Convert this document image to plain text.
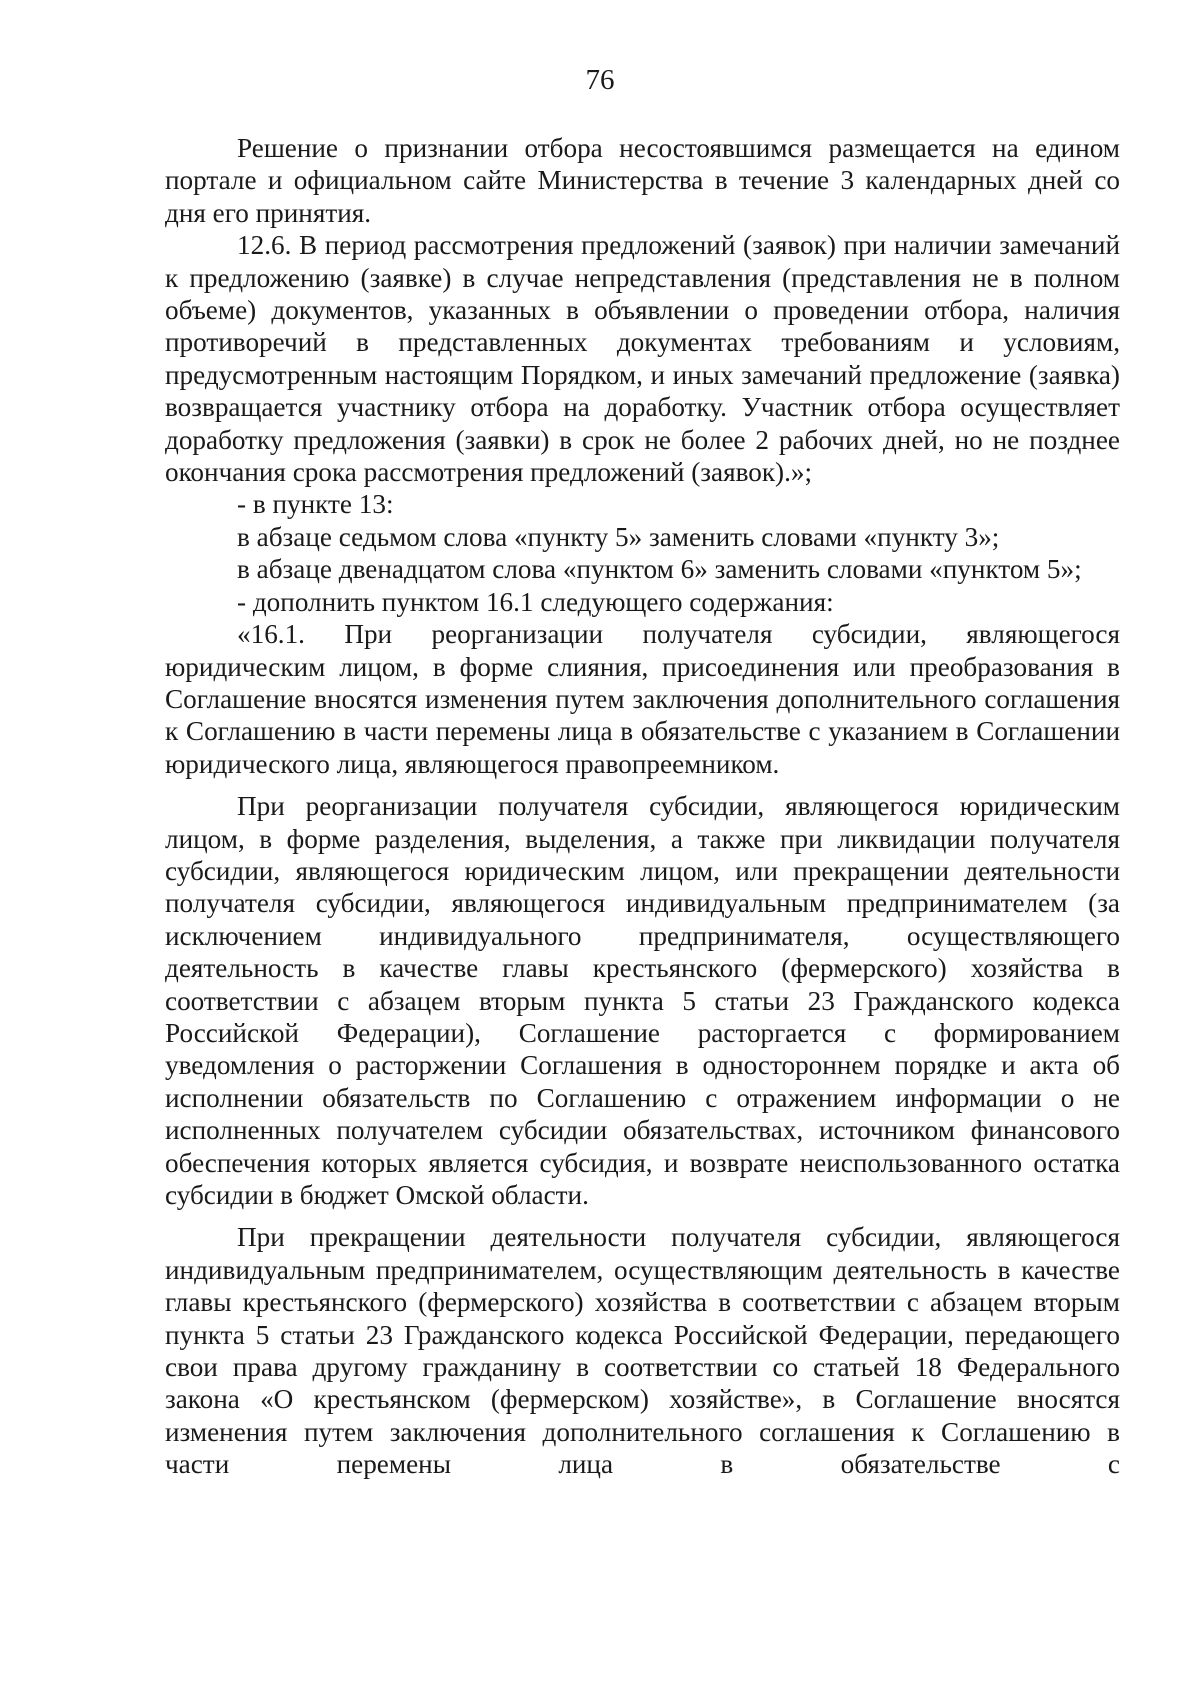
76

Решение о признании отбора несостоявшимся размещается на едином портале и официальном сайте Министерства в течение 3 календарных дней со дня его принятия.

12.6. В период рассмотрения предложений (заявок) при наличии замечаний к предложению (заявке) в случае непредставления (представления не в полном объеме) документов, указанных в объявлении о проведении отбора, наличия противоречий в представленных документах требованиям и условиям, предусмотренным настоящим Порядком, и иных замечаний предложение (заявка) возвращается участнику отбора на доработку. Участник отбора осуществляет доработку предложения (заявки) в срок не более 2 рабочих дней, но не позднее окончания срока рассмотрения предложений (заявок).»;

- в пункте 13:

в абзаце седьмом слова «пункту 5» заменить словами «пункту 3»;

в абзаце двенадцатом слова «пунктом 6» заменить словами «пунктом 5»;

- дополнить пунктом 16.1 следующего содержания:

«16.1. При реорганизации получателя субсидии, являющегося юридическим лицом, в форме слияния, присоединения или преобразования в Соглашение вносятся изменения путем заключения дополнительного соглашения к Соглашению в части перемены лица в обязательстве с указанием в Соглашении юридического лица, являющегося правопреемником.

При реорганизации получателя субсидии, являющегося юридическим лицом, в форме разделения, выделения, а также при ликвидации получателя субсидии, являющегося юридическим лицом, или прекращении деятельности получателя субсидии, являющегося индивидуальным предпринимателем (за исключением индивидуального предпринимателя, осуществляющего деятельность в качестве главы крестьянского (фермерского) хозяйства в соответствии с абзацем вторым пункта 5 статьи 23 Гражданского кодекса Российской Федерации), Соглашение расторгается с формированием уведомления о расторжении Соглашения в одностороннем порядке и акта об исполнении обязательств по Соглашению с отражением информации о не исполненных получателем субсидии обязательствах, источником финансового обеспечения которых является субсидия, и возврате неиспользованного остатка субсидии в бюджет Омской области.

При прекращении деятельности получателя субсидии, являющегося индивидуальным предпринимателем, осуществляющим деятельность в качестве главы крестьянского (фермерского) хозяйства в соответствии с абзацем вторым пункта 5 статьи 23 Гражданского кодекса Российской Федерации, передающего свои права другому гражданину в соответствии со статьей 18 Федерального закона «О крестьянском (фермерском) хозяйстве», в Соглашение вносятся изменения путем заключения дополнительного соглашения к Соглашению в части перемены лица в обязательстве с
